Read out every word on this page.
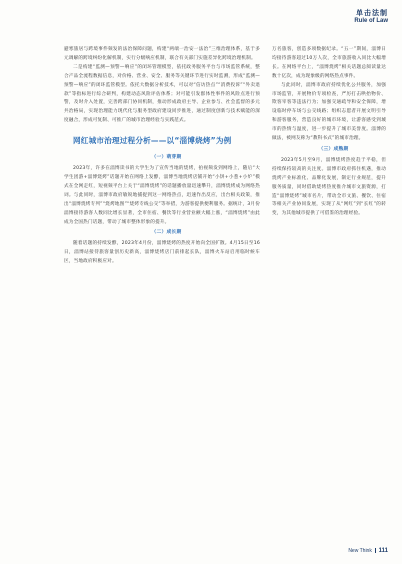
单击法制
Rule of Law

避寒旅居与跨境事件频发的法治保障问题，构建“两端一治安一法治”三维治理体系，基于多元调解的跨境纠纷化解机制，实行分级响应机制，联合有关部门实施差异化跨境治理机制。

二是构建“监测—预警—响应”的闭环管理模型，依托政务服务平台与市场监管系统，整合产品全流程数据信息，对价格、营业、安全、服务等关键环节进行实时监测，形成“监测—预警—响应”的闭环监管模型。依托大数据分析技术，可以对“信访热点”“消费投诉”“外卖退款”等指标进行综合研判，构建动态风险评估体系；对可能引发群体性事件的风险点进行预警，及时介入处置，完善跨部门协同机制，推动形成政府主导、企业参与、社会监督的多元共治格局，实现治理能力现代化与服务型政府建设同步推进，通过制度创新与技术赋能的深度融合，形成可复制、可推广的城市治理经验与实践范式。

网红城市治理过程分析——以“淄博烧烤”为例

（一）萌芽期

2023年，许多在淄博读书的大学生为了宣传当地的烧烤，拍视频发到网络上，随后“大学生团游+淄博烧烤”话题开始在网络上发酵，淄博当地烧烤店铺开始“小饼+小葱+小炉”模式在全网走红，短视频平台上关于“淄博烧烤”的话题播放量迅速攀升，淄博烧烤成为网络热词。与此同时，淄博市政府敏锐地捕捉到这一网络热点，迅速作出反应，出台相关政策，推出“淄博烧烤专列”“烧烤地图”“烧烤专线公交”等举措，为游客提供便利服务。据统计，3月份淄博接待游客人数同比增长显著，全市住宿、餐饮等行业营业额大幅上涨，“淄博烧烤”由此成为全国热门话题，带动了城市整体形象的提升。

（二）成长期

随着话题的持续发酵，2023年4月份，淄博烧烤的热度开始向全国扩散。4月15日至16日，淄博站接待旅客量创历史新高，淄博烧烤店门前排起长队，淄博火车站启用临时候车区，当地政府积极应对。

万名旅客，创造多项数据纪录。“五一”期间，淄博日均接待游客超过10万人次，全市旅游收入同比大幅增长。在网络平台上，“淄博烧烤”相关话题总阅读量达数十亿次，成为现象级的网络热点事件。

与此同时，淄博市政府持续优化公共服务，加强市场监管，开展物价专项检查，严厉打击哄抬物价、欺客宰客等违法行为；加强交通疏导和安全保障，增设临时停车场与公交线路；组织志愿者开展文明引导和游客服务，营造良好的城市环境，让游客感受到城市的热情与温度，进一步提升了城市美誉度。淄博的做法，被网友称为“教科书式”的城市治理。

（三）成熟期

2023年5月至9月，淄博烧烤热度趋于平稳，但持续保持较高的关注度。淄博市政府抓住机遇，推动烧烤产业标准化、品牌化发展，制定行业规范，提升服务质量，同时借助烧烤热度推介城市文旅资源，打造“淄博烧烤”城市名片，带动全市文旅、餐饮、住宿等相关产业协同发展，实现了从“网红”到“长红”的转变，为其他城市提供了可借鉴的治理经验。

New Think 111
